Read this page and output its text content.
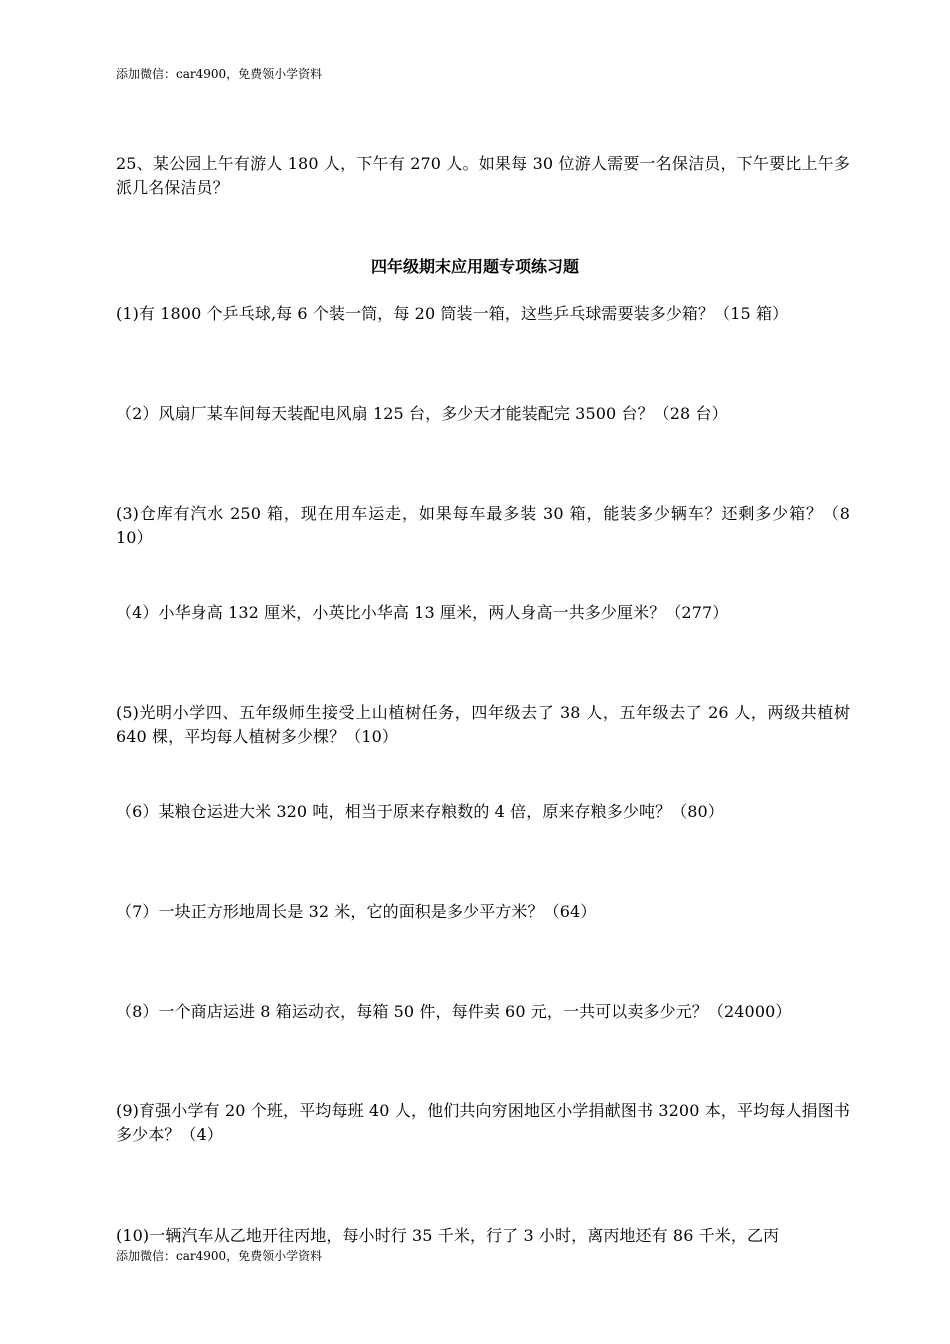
添加微信：car4900，免费领小学资料
25、某公园上午有游人 180 人，下午有 270 人。如果每 30 位游人需要一名保洁员，下午要比上午多派几名保洁员？
四年级期末应用题专项练习题
(1)有 1800 个乒乓球,每 6 个装一筒，每 20 筒装一箱，这些乒乓球需要装多少箱？（15 箱）
（2）风扇厂某车间每天装配电风扇 125 台，多少天才能装配完 3500 台？（28 台）
(3)仓库有汽水 250 箱，现在用车运走，如果每车最多装 30 箱，能装多少辆车？还剩多少箱？（8　10）
（4）小华身高 132 厘米，小英比小华高 13 厘米，两人身高一共多少厘米？（277）
(5)光明小学四、五年级师生接受上山植树任务，四年级去了 38 人，五年级去了 26 人，两级共植树 640 棵，平均每人植树多少棵？（10）
（6）某粮仓运进大米 320 吨，相当于原来存粮数的 4 倍，原来存粮多少吨？（80）
（7）一块正方形地周长是 32 米，它的面积是多少平方米？（64）
（8）一个商店运进 8 箱运动衣，每箱 50 件，每件卖 60 元，一共可以卖多少元？（24000）
(9)育强小学有 20 个班，平均每班 40 人，他们共向穷困地区小学捐献图书 3200 本，平均每人捐图书多少本？（4）
(10)一辆汽车从乙地开往丙地，每小时行 35 千米，行了 3 小时，离丙地还有 86 千米，乙丙
添加微信：car4900，免费领小学资料
